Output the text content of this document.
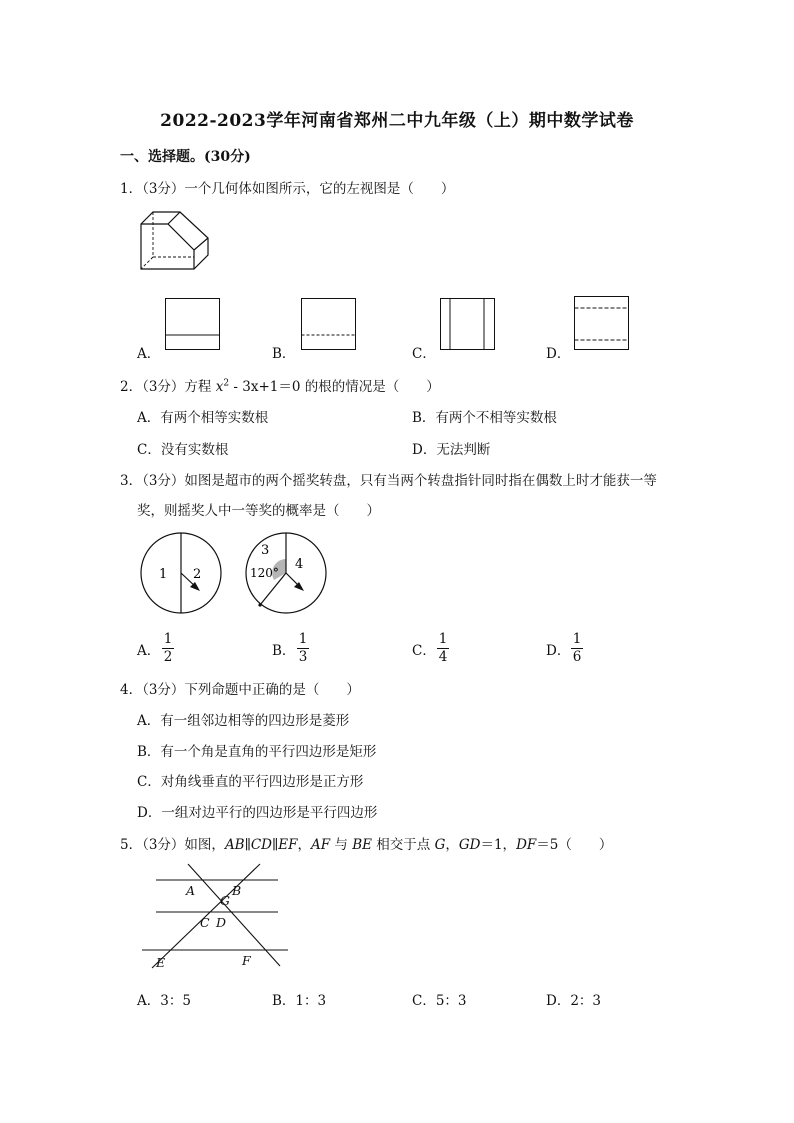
2022-2023学年河南省郑州二中九年级（上）期中数学试卷
一、选择题。(30分)
1．（3分）一个几何体如图所示，它的左视图是（　　）
A．	B．	C．	D．
2．（3分）方程 $x^2 - 3x+1=0$ 的根的情况是（　　）
A．有两个相等实数根	B．有两个不相等实数根
C．没有实数根	D．无法判断
3．（3分）如图是超市的两个摇奖转盘，只有当两个转盘指针同时指在偶数上时才能获一等
奖，则摇奖人中一等奖的概率是（　　）
1 2
3
4
120°
A．
1
2	B．
1
3	C．
1
4	D．
1
6
4．（3分）下列命题中正确的是（　　）
A．有一组邻边相等的四边形是菱形
B．有一个角是直角的平行四边形是矩形
C．对角线垂直的平行四边形是正方形
D．一组对边平行的四边形是平行四边形
5．（3分）如图，AB∥CD∥EF，AF 与 BE 相交于点 G，GD＝1，DF＝5（　　）
A	B
G
C D
E	F
A．3：5	B．1：3	C．5：3	D．2：3
